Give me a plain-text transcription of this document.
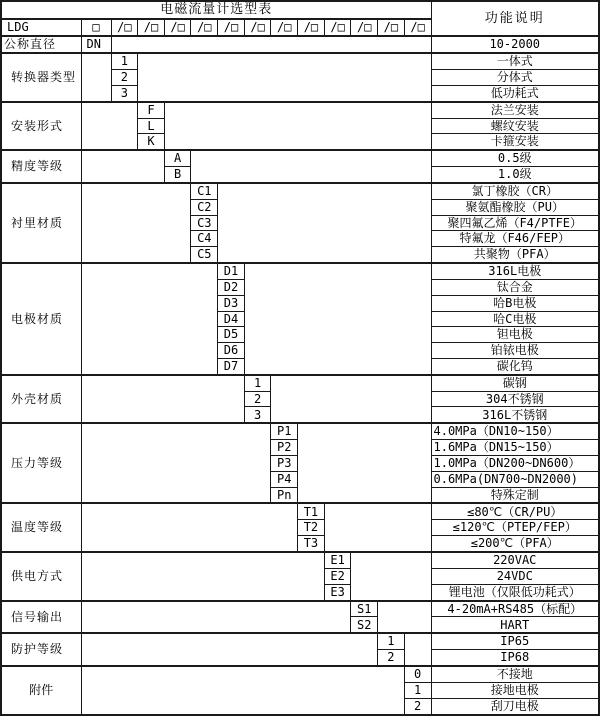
电磁流量计选型表														功能说明
LDG	□	/□	/□	/□	/□	/□	/□	/□	/□	/□	/□	/□	/□	
公称直径	DN													10-2000
转换器类型		1												一体式
		2												分体式
		3												低功耗式
安装形式			F											法兰安装
			L											螺纹安装
			K											卡箍安装
精度等级				A										0.5级
				B										1.0级
衬里材质					C1									氯丁橡胶（CR）
					C2									聚氨酯橡胶（PU）
					C3									聚四氟乙烯（F4/PTFE）
					C4									特氟龙（F46/FEP）
					C5									共聚物（PFA）
电极材质						D1								316L电极
						D2								钛合金
						D3								哈B电极
						D4								哈C电极
						D5								钽电极
						D6								铂铱电极
						D7								碳化钨
外壳材质							1							碳钢
							2							304不锈钢
							3							316L不锈钢
压力等级								P1						4.0MPa（DN10~150）
								P2						1.6MPa（DN15~150）
								P3						1.0MPa（DN200~DN600）
								P4						0.6MPa(DN700~DN2000)
								Pn						特殊定制
温度等级									T1					≤80℃（CR/PU）
									T2					≤120℃（PTEP/FEP）
									T3					≤200℃（PFA）
供电方式										E1				220VAC
										E2				24VDC
										E3				锂电池（仅限低功耗式）
信号输出											S1			4-20mA+RS485（标配）
											S2			HART
防护等级												1		IP65
												2		IP68
附件													0	不接地
													1	接地电极
													2	刮刀电极
